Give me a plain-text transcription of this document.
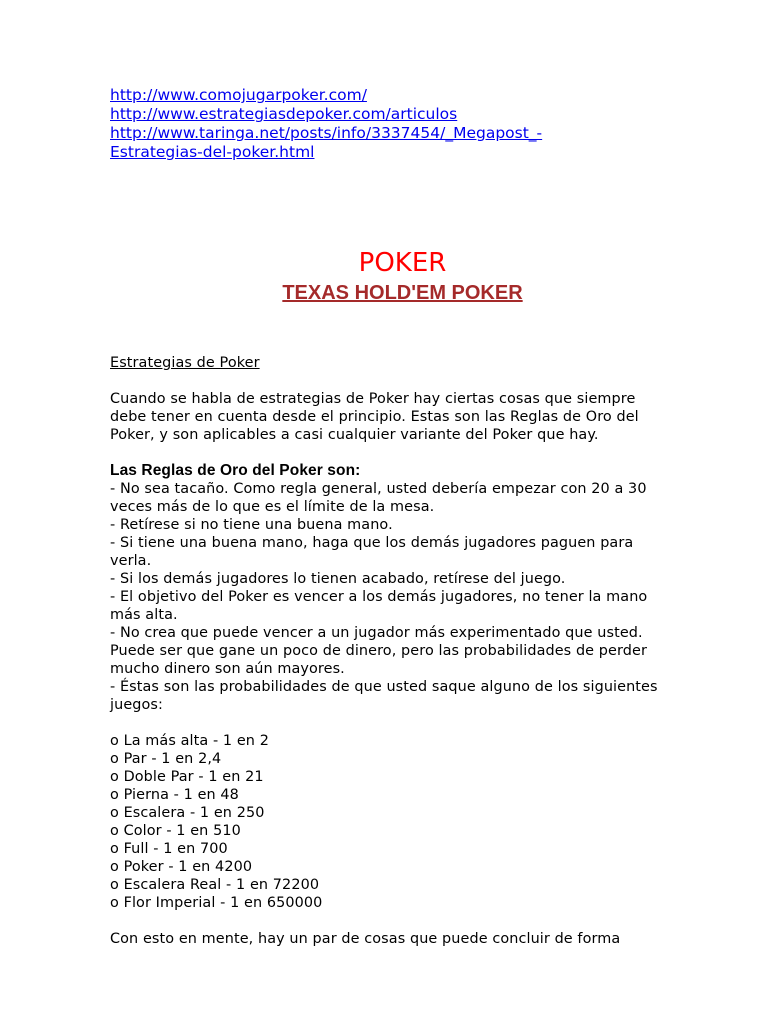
http://www.comojugarpoker.com/
http://www.estrategiasdepoker.com/articulos
http://www.taringa.net/posts/info/3337454/_Megapost_-
Estrategias-del-poker.html
POKER
TEXAS HOLD'EM POKER
Estrategias de Poker
Cuando se habla de estrategias de Poker hay ciertas cosas que siempre
debe tener en cuenta desde el principio. Estas son las Reglas de Oro del
Poker, y son aplicables a casi cualquier variante del Poker que hay.
Las Reglas de Oro del Poker son:
- No sea tacaño. Como regla general, usted debería empezar con 20 a 30
veces más de lo que es el límite de la mesa.
- Retírese si no tiene una buena mano.
- Si tiene una buena mano, haga que los demás jugadores paguen para
verla.
- Si los demás jugadores lo tienen acabado, retírese del juego.
- El objetivo del Poker es vencer a los demás jugadores, no tener la mano
más alta.
- No crea que puede vencer a un jugador más experimentado que usted.
Puede ser que gane un poco de dinero, pero las probabilidades de perder
mucho dinero son aún mayores.
- Éstas son las probabilidades de que usted saque alguno de los siguientes
juegos:
o La más alta - 1 en 2
o Par - 1 en 2,4
o Doble Par - 1 en 21
o Pierna - 1 en 48
o Escalera - 1 en 250
o Color - 1 en 510
o Full - 1 en 700
o Poker - 1 en 4200
o Escalera Real - 1 en 72200
o Flor Imperial - 1 en 650000
Con esto en mente, hay un par de cosas que puede concluir de forma
